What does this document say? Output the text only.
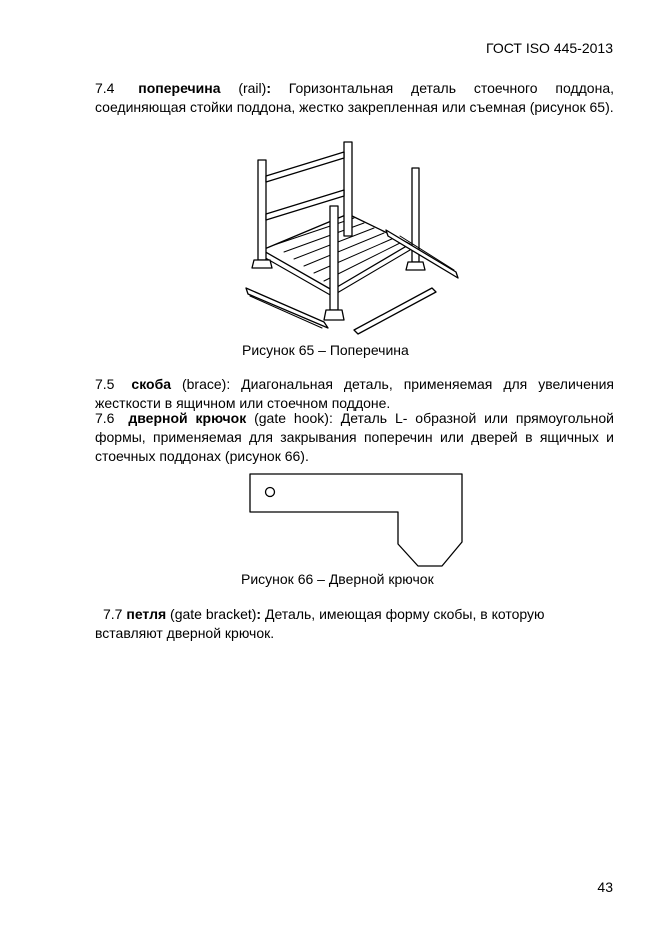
ГОСТ ISO 445-2013

7.4 поперечина (rail): Горизонтальная деталь стоечного поддона, соединяющая стойки поддона, жестко закрепленная или съемная (рисунок 65).

Рисунок 65 – Поперечина

7.5 скоба (brace): Диагональная деталь, применяемая для увеличения жесткости в ящичном или стоечном поддоне.

7.6 дверной крючок (gate hook): Деталь L- образной или прямоугольной формы, применяемая для закрывания поперечин или дверей в ящичных и стоечных поддонах (рисунок 66).

Рисунок 66 – Дверной крючок

7.7 петля (gate bracket): Деталь, имеющая форму скобы, в которую вставляют дверной крючок.

43
